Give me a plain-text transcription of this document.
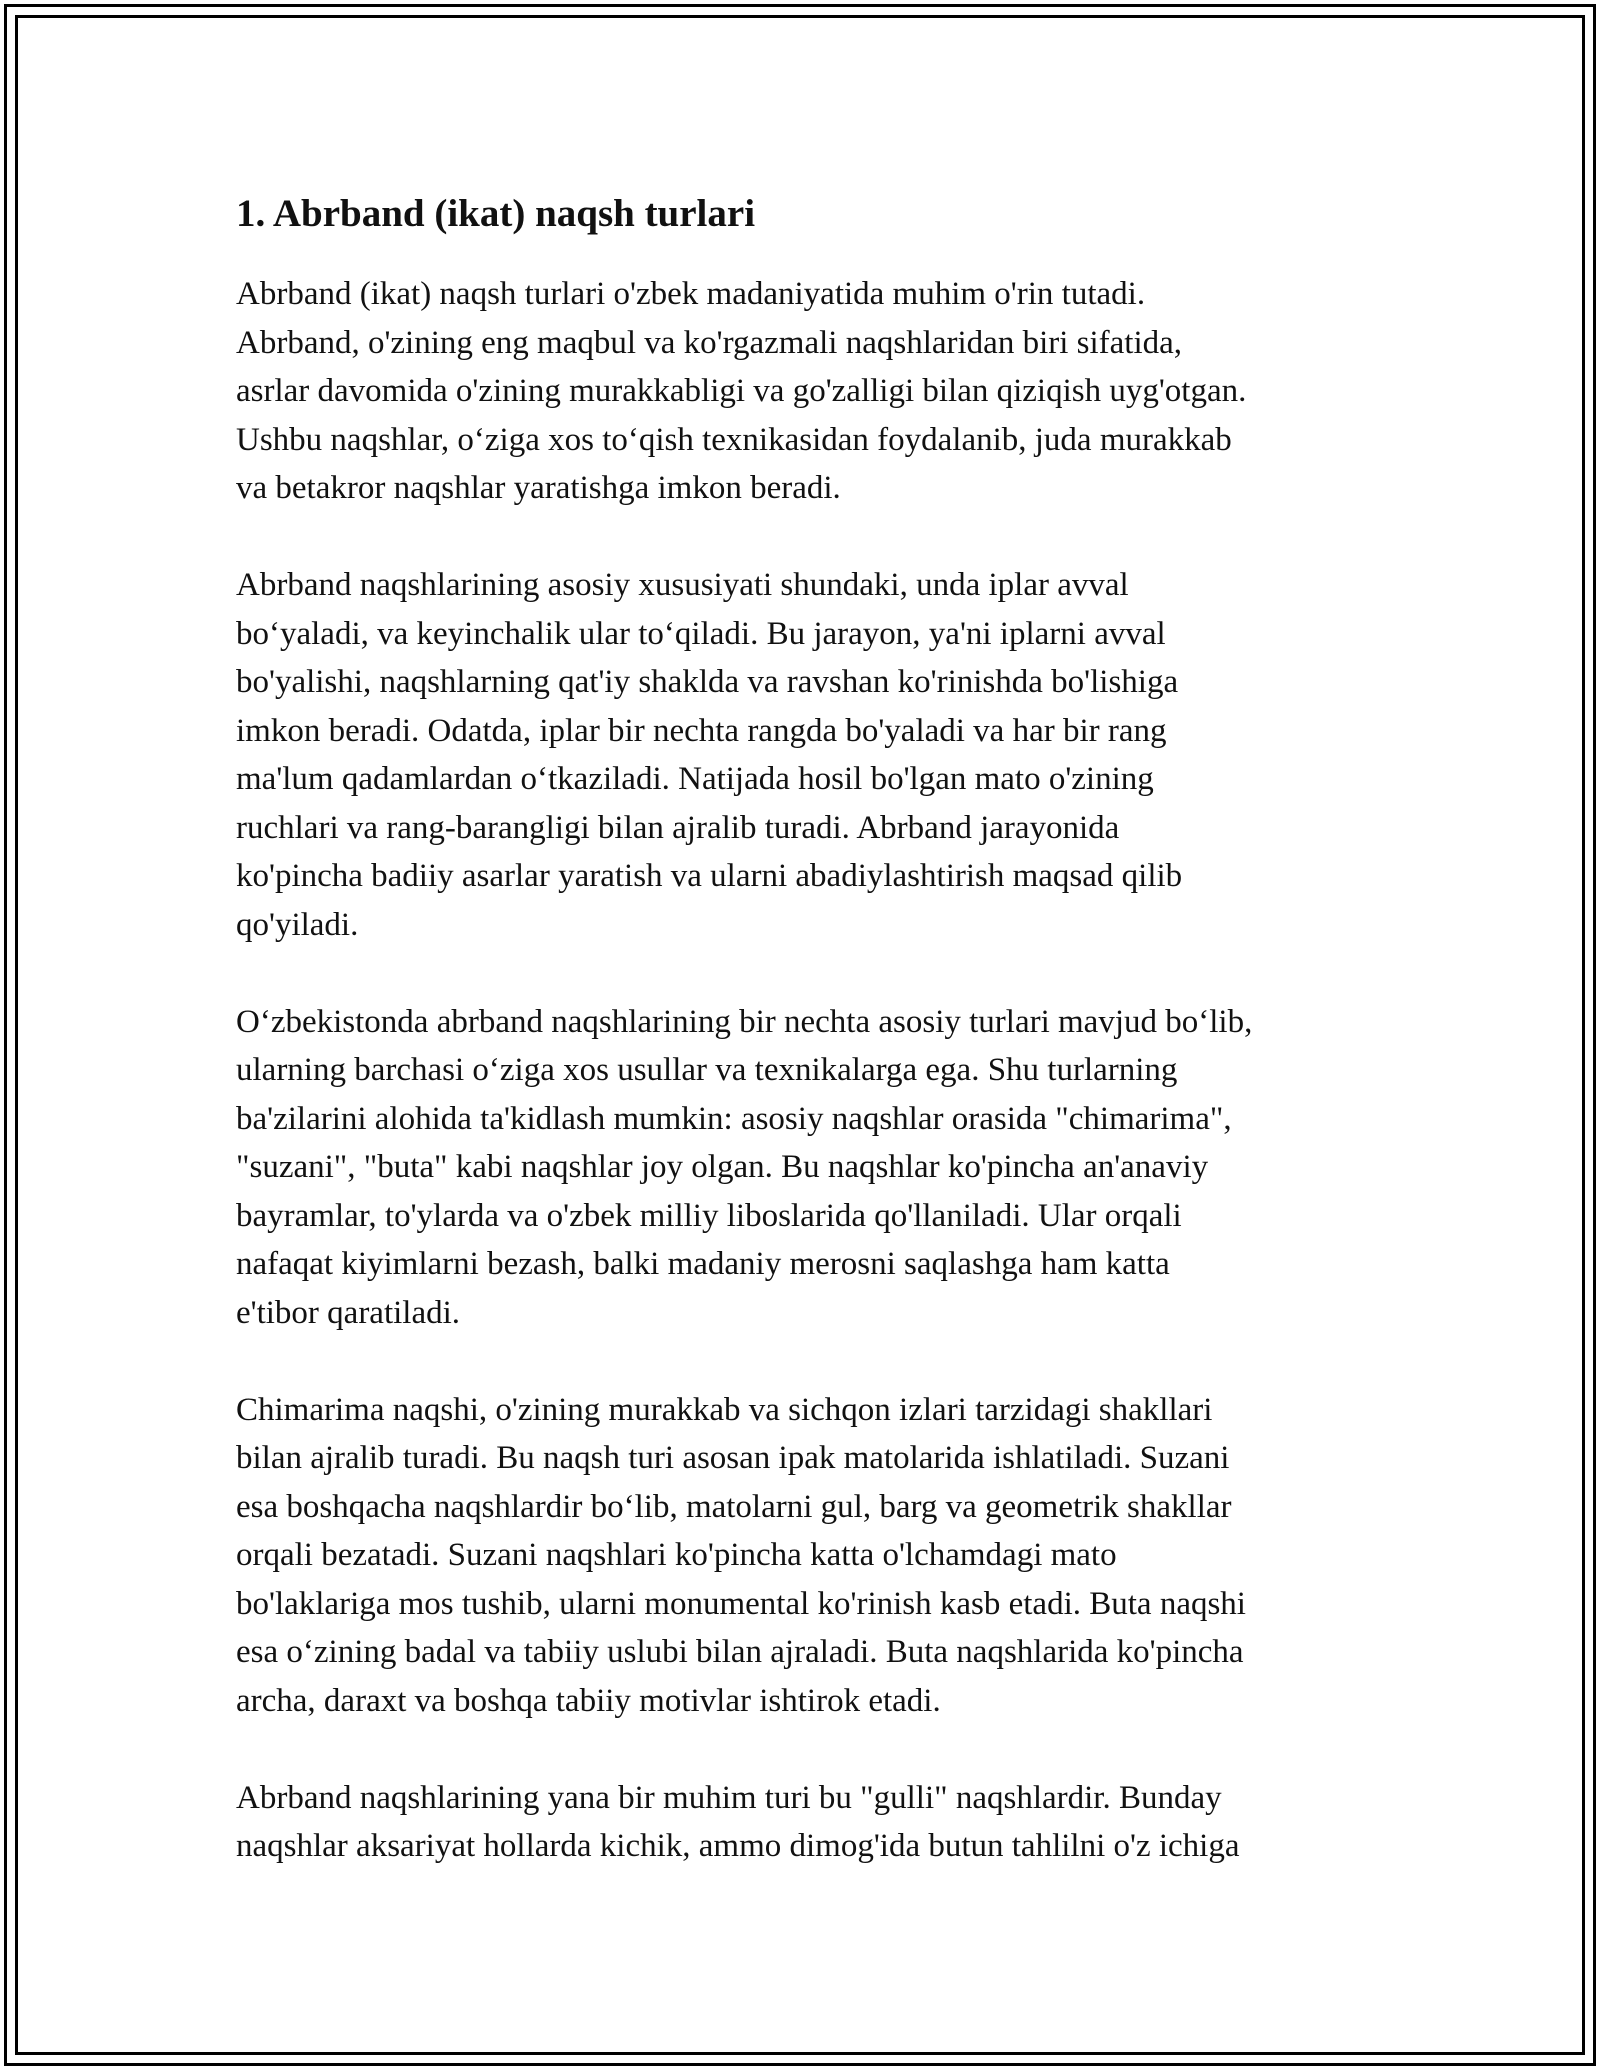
1. Abrband (ikat) naqsh turlari
Abrband (ikat) naqsh turlari o'zbek madaniyatida muhim o'rin tutadi.
Abrband, o'zining eng maqbul va ko'rgazmali naqshlaridan biri sifatida,
asrlar davomida o'zining murakkabligi va go'zalligi bilan qiziqish uyg'otgan.
Ushbu naqshlar, o‘ziga xos to‘qish texnikasidan foydalanib, juda murakkab
va betakror naqshlar yaratishga imkon beradi.
Abrband naqshlarining asosiy xususiyati shundaki, unda iplar avval
bo‘yaladi, va keyinchalik ular to‘qiladi. Bu jarayon, ya'ni iplarni avval
bo'yalishi, naqshlarning qat'iy shaklda va ravshan ko'rinishda bo'lishiga
imkon beradi. Odatda, iplar bir nechta rangda bo'yaladi va har bir rang
ma'lum qadamlardan o‘tkaziladi. Natijada hosil bo'lgan mato o'zining
ruchlari va rang-barangligi bilan ajralib turadi. Abrband jarayonida
ko'pincha badiiy asarlar yaratish va ularni abadiylashtirish maqsad qilib
qo'yiladi.
O‘zbekistonda abrband naqshlarining bir nechta asosiy turlari mavjud bo‘lib,
ularning barchasi o‘ziga xos usullar va texnikalarga ega. Shu turlarning
ba'zilarini alohida ta'kidlash mumkin: asosiy naqshlar orasida "chimarima",
"suzani", "buta" kabi naqshlar joy olgan. Bu naqshlar ko'pincha an'anaviy
bayramlar, to'ylarda va o'zbek milliy liboslarida qo'llaniladi. Ular orqali
nafaqat kiyimlarni bezash, balki madaniy merosni saqlashga ham katta
e'tibor qaratiladi.
Chimarima naqshi, o'zining murakkab va sichqon izlari tarzidagi shakllari
bilan ajralib turadi. Bu naqsh turi asosan ipak matolarida ishlatiladi. Suzani
esa boshqacha naqshlardir bo‘lib, matolarni gul, barg va geometrik shakllar
orqali bezatadi. Suzani naqshlari ko'pincha katta o'lchamdagi mato
bo'laklariga mos tushib, ularni monumental ko'rinish kasb etadi. Buta naqshi
esa o‘zining badal va tabiiy uslubi bilan ajraladi. Buta naqshlarida ko'pincha
archa, daraxt va boshqa tabiiy motivlar ishtirok etadi.
Abrband naqshlarining yana bir muhim turi bu "gulli" naqshlardir. Bunday
naqshlar aksariyat hollarda kichik, ammo dimog'ida butun tahlilni o'z ichiga
